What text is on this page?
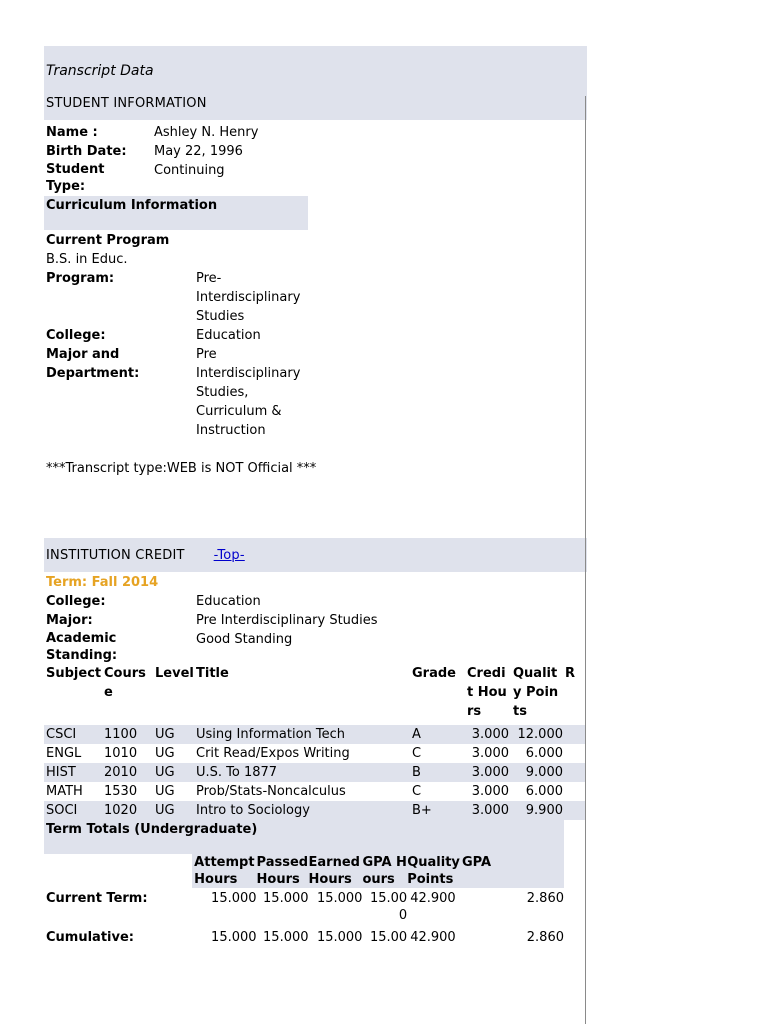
Transcript Data
STUDENT INFORMATION
Name :	Ashley N. Henry
Birth Date:	May 22, 1996
Student Type:
Continuing
Curriculum Information
Current Program
B.S. in Educ.
Program:	Pre-Interdisciplinary Studies
College:	Education
Major and Department:
Pre Interdisciplinary Studies, Curriculum & Instruction
***Transcript type:WEB is NOT Official ***
INSTITUTION CREDIT -Top-
Term: Fall 2014
College:	Education
Major:	Pre Interdisciplinary Studies
Academic Standing:
Good Standing
Subject	Course	Level	Title	Grade	Credit Hours	Quality Points	R

CSCI	1100	UG	Using Information Tech	A	3.000	12.000	
ENGL	1010	UG	Crit Read/Expos Writing	C	3.000	6.000	
HIST	2010	UG	U.S. To 1877	B	3.000	9.000	
MATH	1530	UG	Prob/Stats-Noncalculus	C	3.000	6.000	
SOCI	1020	UG	Intro to Sociology	B+	3.000	9.900	
Term Totals (Undergraduate)
	Attempt Hours	Passed Hours	Earned Hours	GPA Hours	Quality Points	GPA
Current Term:	15.000	15.000	15.000	15.000	42.900	2.860
Cumulative:	15.000	15.000	15.000	15.00	42.900	2.860
